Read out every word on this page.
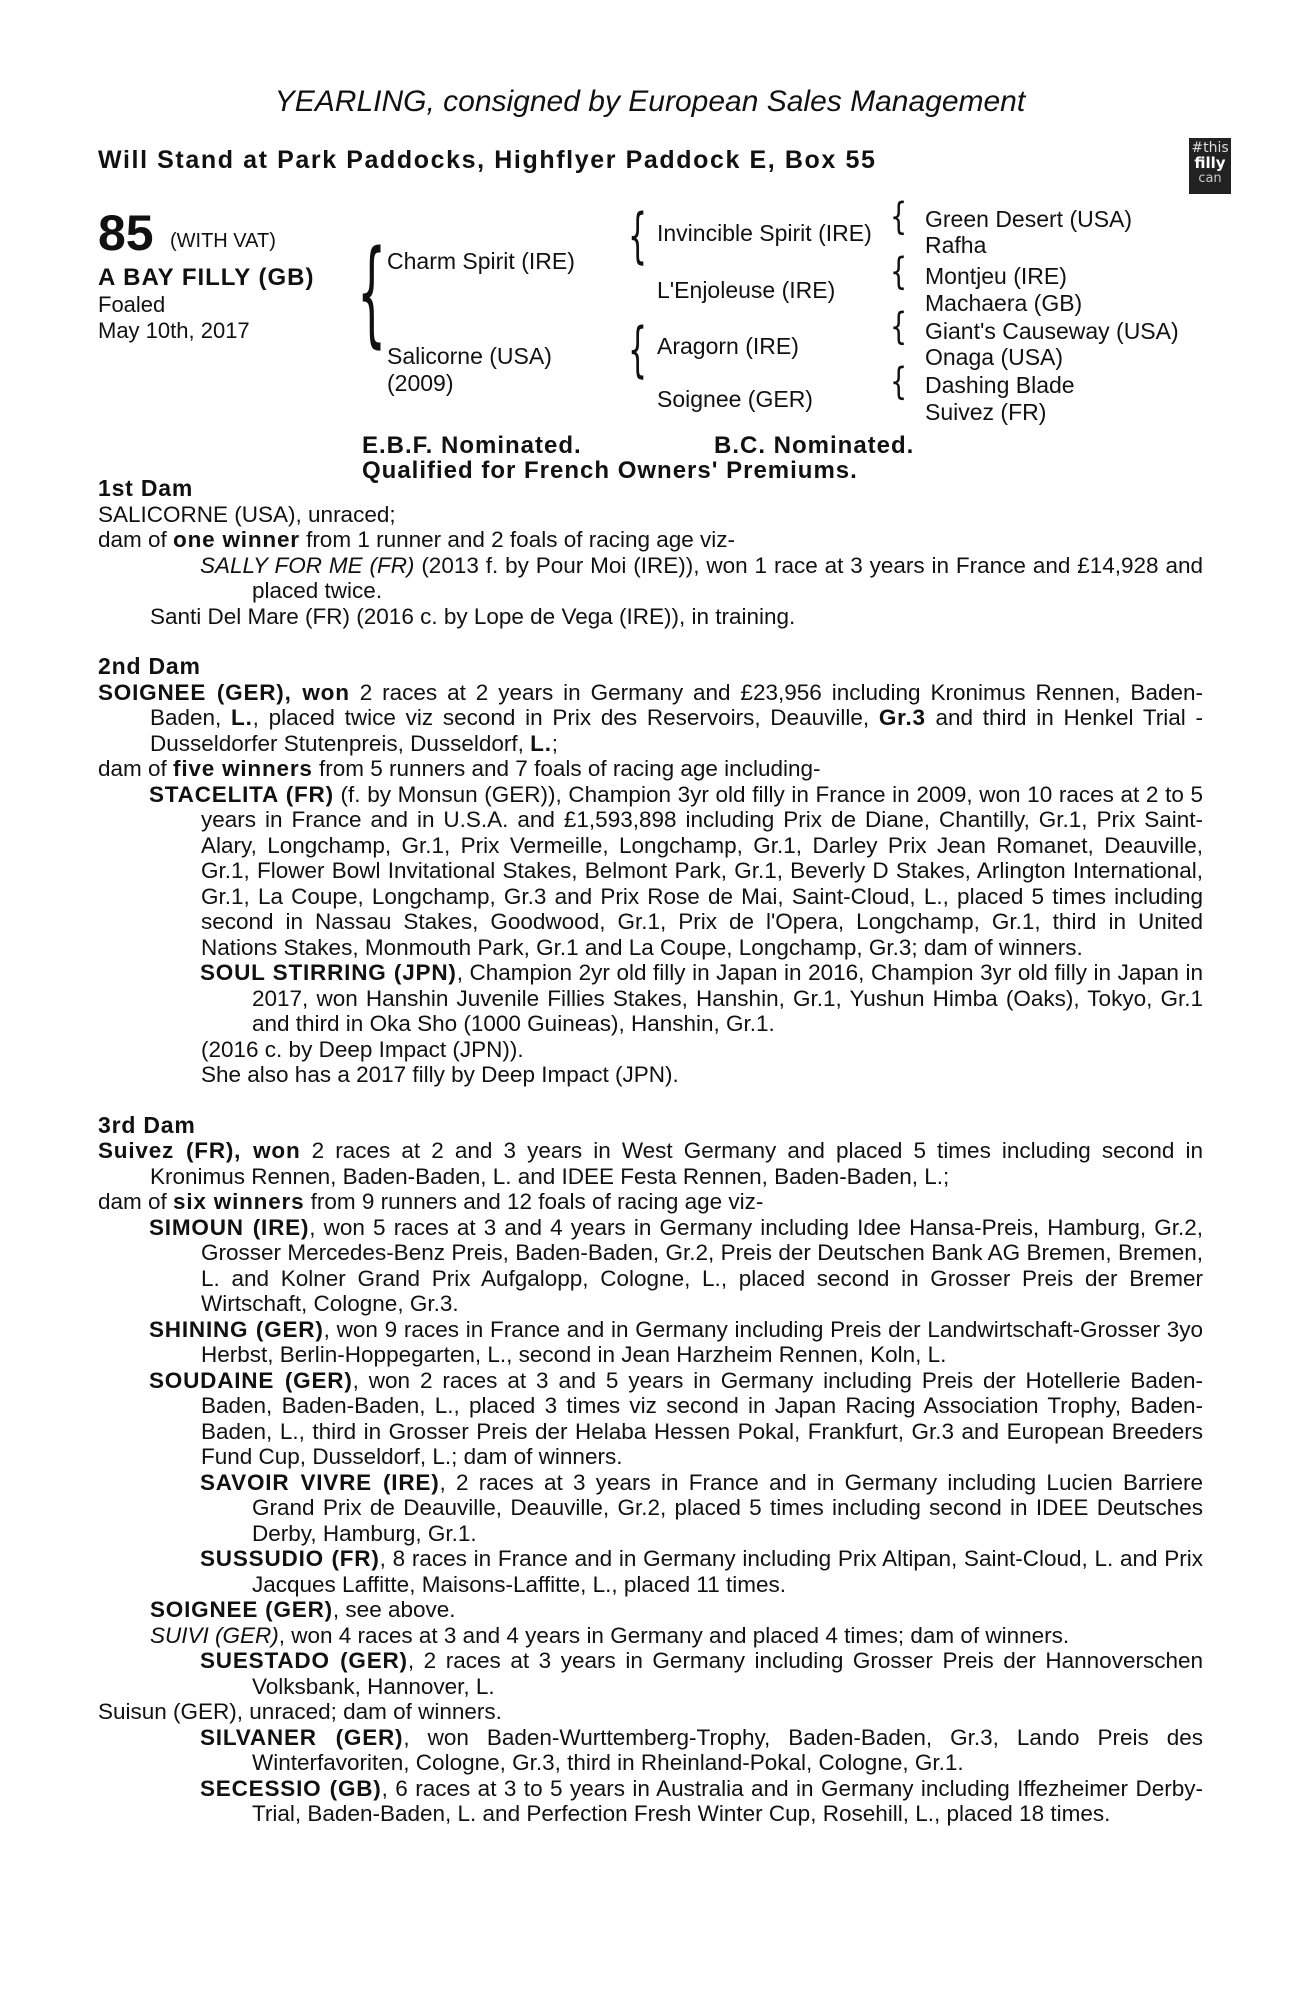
YEARLING, consigned by European Sales Management
Will Stand at Park Paddocks, Highflyer Paddock E, Box 55	#this
filly
can
85 (WITH VAT)
A BAY FILLY (GB)
Foaled
May 10th, 2017 {	{
{
{
{
{
{
Charm Spirit (IRE)
Salicorne (USA)
(2009)
Invincible Spirit (IRE)
L'Enjoleuse (IRE)
Aragorn (IRE)
Soignee (GER)
Green Desert (USA)
Rafha
Montjeu (IRE)
Machaera (GB)
Giant's Causeway (USA)
Onaga (USA)
Dashing Blade
Suivez (FR)
E.B.F. Nominated.	B.C. Nominated.
Qualified for French Owners' Premiums.
1st Dam

SALICORNE (USA), unraced;

dam of one winner from 1 runner and 2 foals of racing age viz-

SALLY FOR ME (FR) (2013 f. by Pour Moi (IRE)), won 1 race at 3 years in France and £14,928 and placed twice.

Santi Del Mare (FR) (2016 c. by Lope de Vega (IRE)), in training.

2nd Dam

SOIGNEE (GER), won 2 races at 2 years in Germany and £23,956 including Kronimus Rennen, Baden-Baden, L., placed twice viz second in Prix des Reservoirs, Deauville, Gr.3 and third in Henkel Trial - Dusseldorfer Stutenpreis, Dusseldorf, L.;

dam of five winners from 5 runners and 7 foals of racing age including-

STACELITA (FR) (f. by Monsun (GER)), Champion 3yr old filly in France in 2009, won 10 races at 2 to 5 years in France and in U.S.A. and £1,593,898 including Prix de Diane, Chantilly, Gr.1, Prix Saint-Alary, Longchamp, Gr.1, Prix Vermeille, Longchamp, Gr.1, Darley Prix Jean Romanet, Deauville, Gr.1, Flower Bowl Invitational Stakes, Belmont Park, Gr.1, Beverly D Stakes, Arlington International, Gr.1, La Coupe, Longchamp, Gr.3 and Prix Rose de Mai, Saint-Cloud, L., placed 5 times including second in Nassau Stakes, Goodwood, Gr.1, Prix de l'Opera, Longchamp, Gr.1, third in United Nations Stakes, Monmouth Park, Gr.1 and La Coupe, Longchamp, Gr.3; dam of winners.

SOUL STIRRING (JPN), Champion 2yr old filly in Japan in 2016, Champion 3yr old filly in Japan in 2017, won Hanshin Juvenile Fillies Stakes, Hanshin, Gr.1, Yushun Himba (Oaks), Tokyo, Gr.1 and third in Oka Sho (1000 Guineas), Hanshin, Gr.1.

(2016 c. by Deep Impact (JPN)).

She also has a 2017 filly by Deep Impact (JPN).

3rd Dam

Suivez (FR), won 2 races at 2 and 3 years in West Germany and placed 5 times including second in Kronimus Rennen, Baden-Baden, L. and IDEE Festa Rennen, Baden-Baden, L.;

dam of six winners from 9 runners and 12 foals of racing age viz-

SIMOUN (IRE), won 5 races at 3 and 4 years in Germany including Idee Hansa-Preis, Hamburg, Gr.2, Grosser Mercedes-Benz Preis, Baden-Baden, Gr.2, Preis der Deutschen Bank AG Bremen, Bremen, L. and Kolner Grand Prix Aufgalopp, Cologne, L., placed second in Grosser Preis der Bremer Wirtschaft, Cologne, Gr.3.

SHINING (GER), won 9 races in France and in Germany including Preis der Landwirtschaft-Grosser 3yo Herbst, Berlin-Hoppegarten, L., second in Jean Harzheim Rennen, Koln, L.

SOUDAINE (GER), won 2 races at 3 and 5 years in Germany including Preis der Hotellerie Baden-Baden, Baden-Baden, L., placed 3 times viz second in Japan Racing Association Trophy, Baden-Baden, L., third in Grosser Preis der Helaba Hessen Pokal, Frankfurt, Gr.3 and European Breeders Fund Cup, Dusseldorf, L.; dam of winners.

SAVOIR VIVRE (IRE), 2 races at 3 years in France and in Germany including Lucien Barriere Grand Prix de Deauville, Deauville, Gr.2, placed 5 times including second in IDEE Deutsches Derby, Hamburg, Gr.1.

SUSSUDIO (FR), 8 races in France and in Germany including Prix Altipan, Saint-Cloud, L. and Prix Jacques Laffitte, Maisons-Laffitte, L., placed 11 times.

SOIGNEE (GER), see above.

SUIVI (GER), won 4 races at 3 and 4 years in Germany and placed 4 times; dam of winners.

SUESTADO (GER), 2 races at 3 years in Germany including Grosser Preis der Hannoverschen Volksbank, Hannover, L.

Suisun (GER), unraced; dam of winners.

SILVANER (GER), won Baden-Wurttemberg-Trophy, Baden-Baden, Gr.3, Lando Preis des Winterfavoriten, Cologne, Gr.3, third in Rheinland-Pokal, Cologne, Gr.1.

SECESSIO (GB), 6 races at 3 to 5 years in Australia and in Germany including Iffezheimer Derby-Trial, Baden-Baden, L. and Perfection Fresh Winter Cup, Rosehill, L., placed 18 times.
